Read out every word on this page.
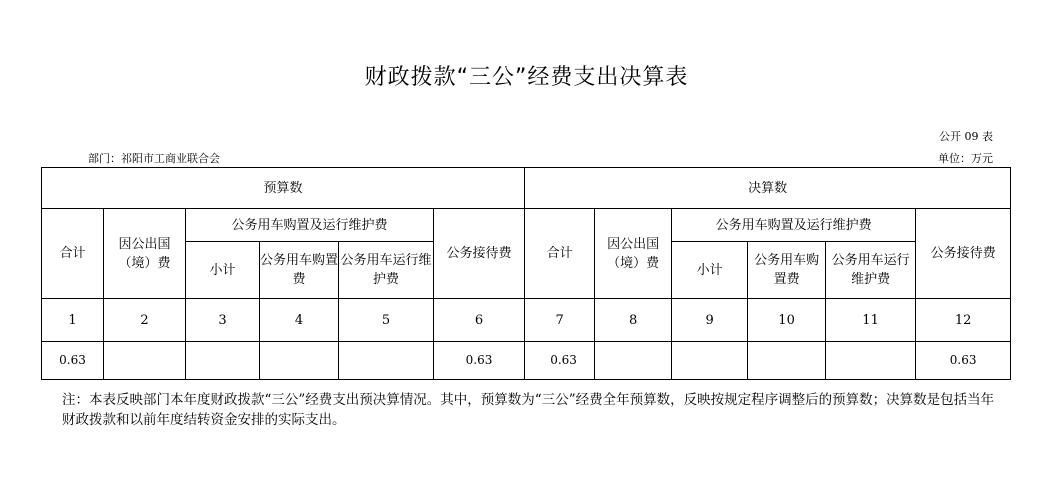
财政拨款“三公”经费支出决算表
公开 09 表
部门：祁阳市工商业联合会	单位：万元
预算数						决算数					
合计	因公出国（境）费	公务用车购置及运行维护费			公务接待费	合计	因公出国（境）费	公务用车购置及运行维护费			公务接待费
		小计	公务用车购置费	公务用车运行维护费				小计	公务用车购置费	公务用车运行维护费	
1	2	3	4	5	6	7	8	9	10	11	12
0.63					0.63	0.63					0.63
注：本表反映部门本年度财政拨款“三公”经费支出预决算情况。其中，预算数为“三公”经费全年预算数，反映按规定程序调整后的预算数；决算数是包括当年财政拨款和以前年度结转资金安排的实际支出。
